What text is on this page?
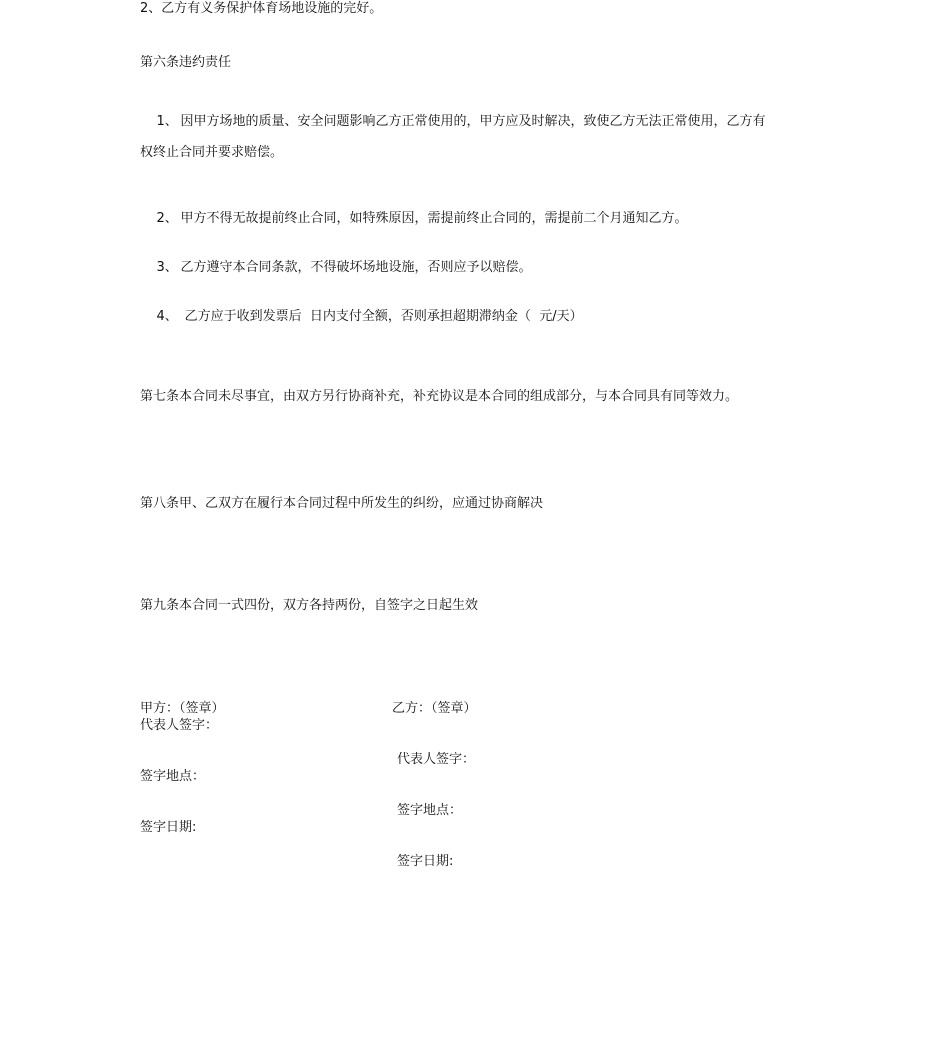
2、乙方有义务保护体育场地设施的完好。
第六条违约责任

1、 因甲方场地的质量、安全问题影响乙方正常使用的，甲方应及时解决，致使乙方无法正常使用，乙方有

权终止合同并要求赔偿。

2、 甲方不得无故提前终止合同，如特殊原因，需提前终止合同的，需提前二个月通知乙方。

3、 乙方遵守本合同条款，不得破坏场地设施，否则应予以赔偿。

4、 乙方应于收到发票后  日内支付全额，否则承担超期滞纳金（  元/天）

第七条本合同未尽事宜，由双方另行协商补充，补充协议是本合同的组成部分，与本合同具有同等效力。
第八条甲、乙双方在履行本合同过程中所发生的纠纷，应通过协商解决
第九条本合同一式四份，双方各持两份，自签字之日起生效
甲方：（签章）
代表人签字：
签字地点：
签字日期:
乙方：（签章）
代表人签字：
签字地点：
签字日期:
